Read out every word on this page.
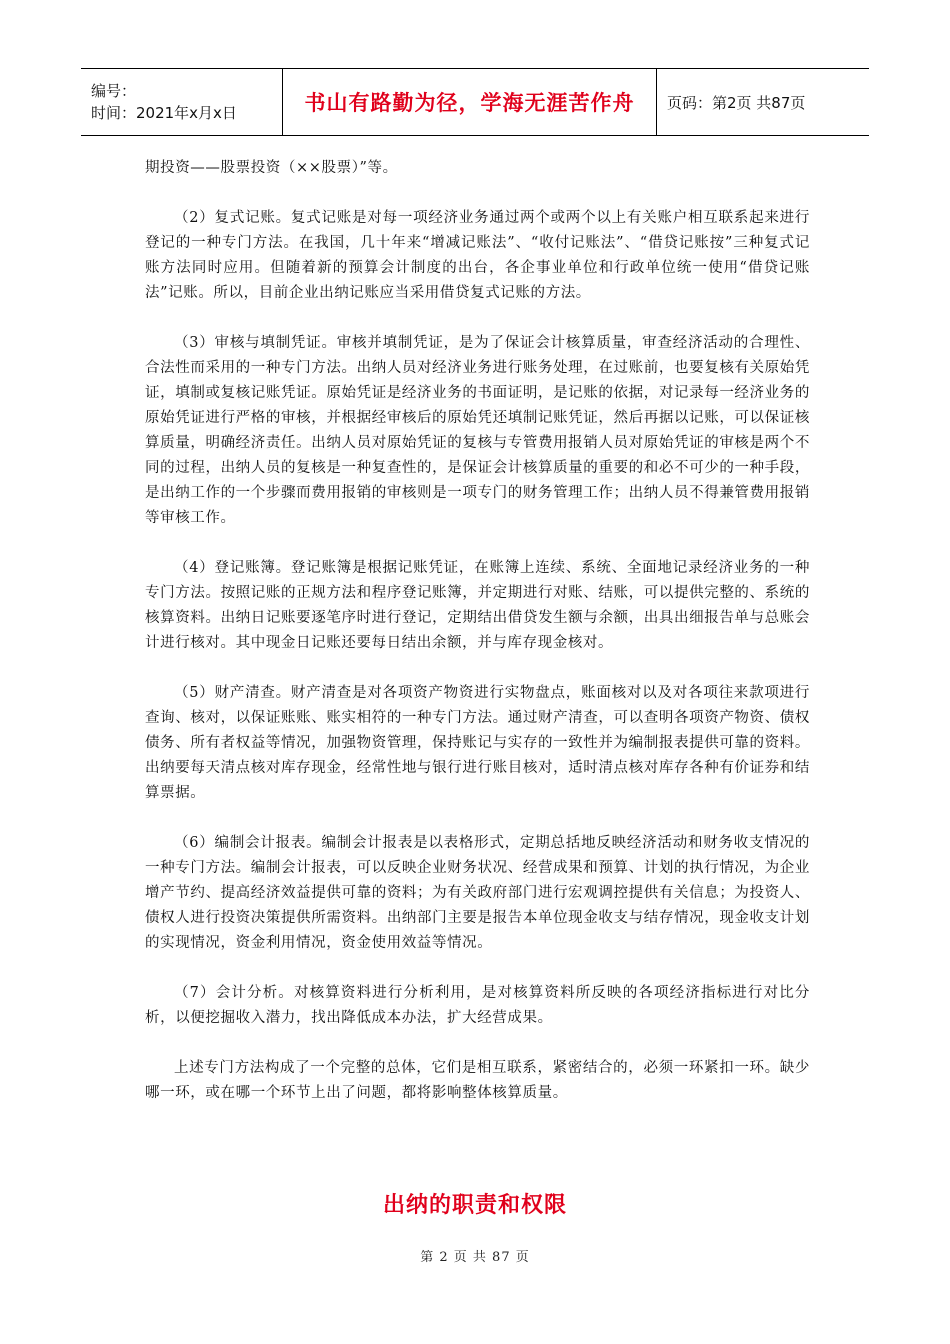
编号：
时间：2021年x月x日	书山有路勤为径，学海无涯苦作舟 页码：第2页 共87页

期投资——股票投资（××股票）”等。

（2）复式记账。复式记账是对每一项经济业务通过两个或两个以上有关账户相互联系起来进行登记的一种专门方法。在我国，几十年来“增减记账法”、“收付记账法”、“借贷记账按”三种复式记账方法同时应用。但随着新的预算会计制度的出台，各企事业单位和行政单位统一使用“借贷记账法”记账。所以，目前企业出纳记账应当采用借贷复式记账的方法。

（3）审核与填制凭证。审核并填制凭证，是为了保证会计核算质量，审查经济活动的合理性、合法性而采用的一种专门方法。出纳人员对经济业务进行账务处理，在过账前，也要复核有关原始凭证，填制或复核记账凭证。原始凭证是经济业务的书面证明，是记账的依据，对记录每一经济业务的原始凭证进行严格的审核，并根据经审核后的原始凭还填制记账凭证，然后再据以记账，可以保证核算质量，明确经济责任。出纳人员对原始凭证的复核与专管费用报销人员对原始凭证的审核是两个不同的过程，出纳人员的复核是一种复查性的，是保证会计核算质量的重要的和必不可少的一种手段，是出纳工作的一个步骤而费用报销的审核则是一项专门的财务管理工作；出纳人员不得兼管费用报销等审核工作。

（4）登记账簿。登记账簿是根据记账凭证，在账簿上连续、系统、全面地记录经济业务的一种专门方法。按照记账的正规方法和程序登记账簿，并定期进行对账、结账，可以提供完整的、系统的核算资料。出纳日记账要逐笔序时进行登记，定期结出借贷发生额与余额，出具出细报告单与总账会计进行核对。其中现金日记账还要每日结出余额，并与库存现金核对。

（5）财产清查。财产清查是对各项资产物资进行实物盘点，账面核对以及对各项往来款项进行查询、核对，以保证账账、账实相符的一种专门方法。通过财产清查，可以查明各项资产物资、债权债务、所有者权益等情况，加强物资管理，保持账记与实存的一致性并为编制报表提供可靠的资料。出纳要每天清点核对库存现金，经常性地与银行进行账目核对，适时清点核对库存各种有价证券和结算票据。

（6）编制会计报表。编制会计报表是以表格形式，定期总括地反映经济活动和财务收支情况的一种专门方法。编制会计报表，可以反映企业财务状况、经营成果和预算、计划的执行情况，为企业增产节约、提高经济效益提供可靠的资料；为有关政府部门进行宏观调控提供有关信息；为投资人、债权人进行投资决策提供所需资料。出纳部门主要是报告本单位现金收支与结存情况，现金收支计划的实现情况，资金利用情况，资金使用效益等情况。

（7）会计分析。对核算资料进行分析利用，是对核算资料所反映的各项经济指标进行对比分析，以便挖掘收入潜力，找出降低成本办法，扩大经营成果。

上述专门方法构成了一个完整的总体，它们是相互联系，紧密结合的，必须一环紧扣一环。缺少哪一环，或在哪一个环节上出了问题，都将影响整体核算质量。

出纳的职责和权限
第 2 页 共 87 页
